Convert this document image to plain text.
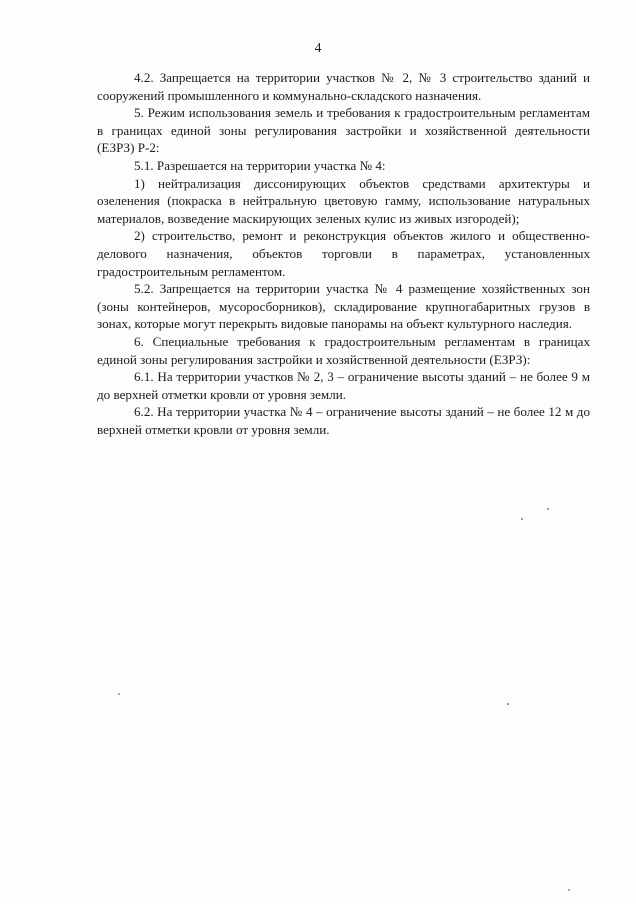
4

4.2. Запрещается на территории участков № 2, № 3 строительство зданий и сооружений промышленного и коммунально-складского назначения.

5. Режим использования земель и требования к градостроительным регламентам в границах единой зоны регулирования застройки и хозяйственной деятельности (ЕЗРЗ) Р-2:

5.1. Разрешается на территории участка № 4:

1) нейтрализация диссонирующих объектов средствами архитектуры и озеленения (покраска в нейтральную цветовую гамму, использование натуральных материалов, возведение маскирующих зеленых кулис из живых изгородей);

2) строительство, ремонт и реконструкция объектов жилого и общественно-делового назначения, объектов торговли в параметрах, установленных градостроительным регламентом.

5.2. Запрещается на территории участка № 4 размещение хозяйственных зон (зоны контейнеров, мусоросборников), складирование крупногабаритных грузов в зонах, которые могут перекрыть видовые панорамы на объект культурного наследия.

6. Специальные требования к градостроительным регламентам в границах единой зоны регулирования застройки и хозяйственной деятельности (ЕЗРЗ):

6.1. На территории участков № 2, 3 – ограничение высоты зданий – не более 9 м до верхней отметки кровли от уровня земли.

6.2. На территории участка № 4 – ограничение высоты зданий – не более 12 м до верхней отметки кровли от уровня земли.
